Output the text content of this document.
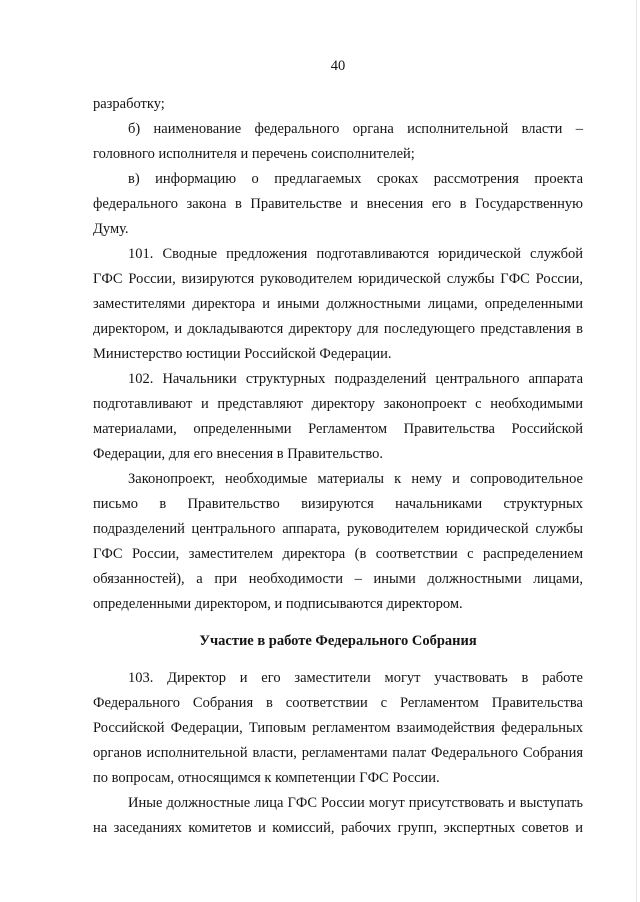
40
разработку;
б) наименование федерального органа исполнительной власти –
головного исполнителя и перечень соисполнителей;
в) информацию о предлагаемых сроках рассмотрения проекта
федерального закона в Правительстве и внесения его в Государственную
Думу.
101. Сводные предложения подготавливаются юридической службой
ГФС России, визируются руководителем юридической службы ГФС России,
заместителями директора и иными должностными лицами, определенными
директором, и докладываются директору для последующего представления в
Министерство юстиции Российской Федерации.
102. Начальники структурных подразделений центрального аппарата
подготавливают и представляют директору законопроект с необходимыми
материалами, определенными Регламентом Правительства Российской
Федерации, для его внесения в Правительство.
Законопроект, необходимые материалы к нему и сопроводительное
письмо в Правительство визируются начальниками структурных
подразделений центрального аппарата, руководителем юридической службы
ГФС России, заместителем директора (в соответствии с распределением
обязанностей), а при необходимости – иными должностными лицами,
определенными директором, и подписываются директором.
Участие в работе Федерального Собрания
103. Директор и его заместители могут участвовать в работе
Федерального Собрания в соответствии с Регламентом Правительства
Российской Федерации, Типовым регламентом взаимодействия федеральных
органов исполнительной власти, регламентами палат Федерального Собрания
по вопросам, относящимся к компетенции ГФС России.
Иные должностные лица ГФС России могут присутствовать и выступать
на заседаниях комитетов и комиссий, рабочих групп, экспертных советов и
